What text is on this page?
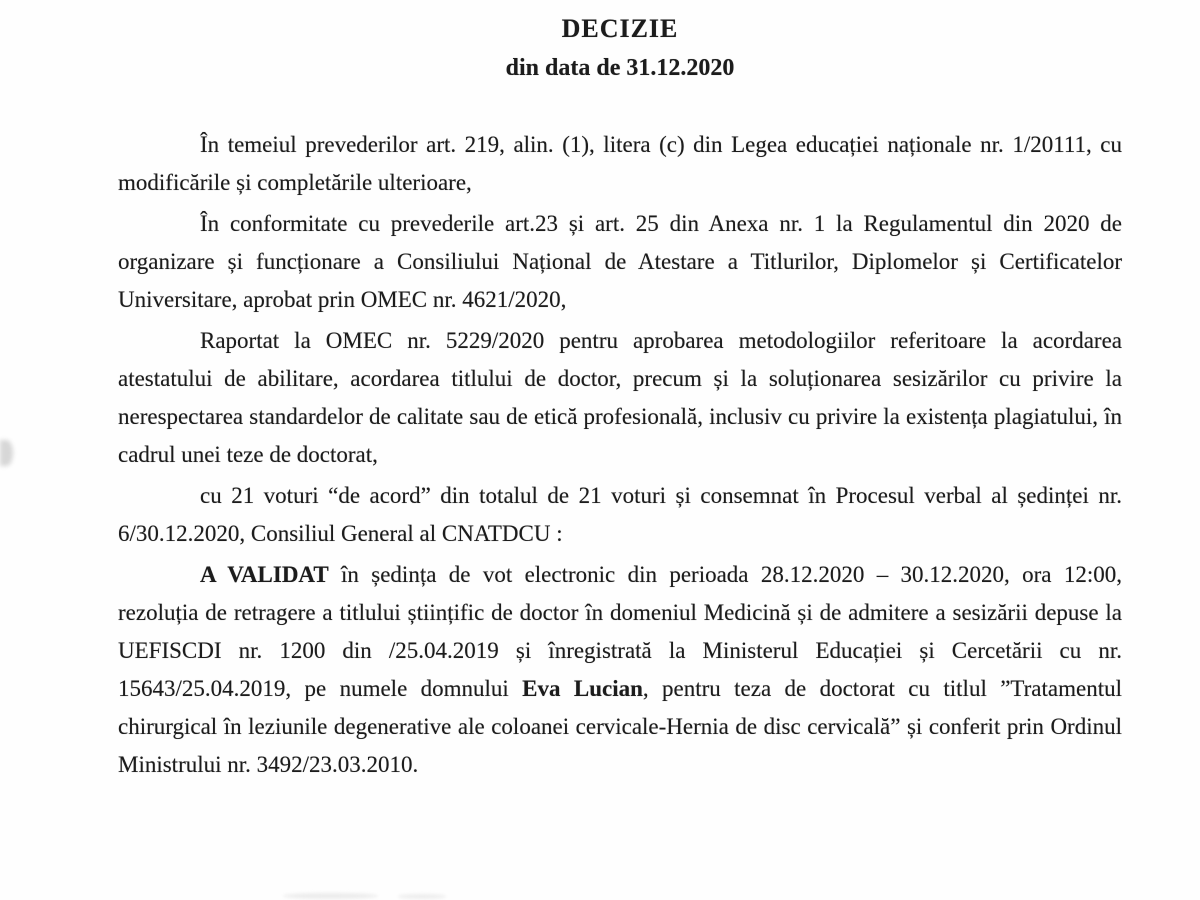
DECIZIE
din data de 31.12.2020

În temeiul prevederilor art. 219, alin. (1), litera (c) din Legea educației naționale nr. 1/20111, cu modificările și completările ulterioare,

În conformitate cu prevederile art.23 și art. 25 din Anexa nr. 1 la Regulamentul din 2020 de organizare și funcționare a Consiliului Național de Atestare a Titlurilor, Diplomelor și Certificatelor Universitare, aprobat prin OMEC nr. 4621/2020,

Raportat la OMEC nr. 5229/2020 pentru aprobarea metodologiilor referitoare la acordarea atestatului de abilitare, acordarea titlului de doctor, precum și la soluționarea sesizărilor cu privire la nerespectarea standardelor de calitate sau de etică profesională, inclusiv cu privire la existența plagiatului, în cadrul unei teze de doctorat,

cu 21 voturi “de acord” din totalul de 21 voturi și consemnat în Procesul verbal al ședinței nr. 6/30.12.2020, Consiliul General al CNATDCU :

A VALIDAT în ședința de vot electronic din perioada 28.12.2020 – 30.12.2020, ora 12:00, rezoluția de retragere a titlului științific de doctor în domeniul Medicină și de admitere a sesizării depuse la UEFISCDI nr. 1200 din /25.04.2019 și înregistrată la Ministerul Educației și Cercetării cu nr. 15643/25.04.2019, pe numele domnului Eva Lucian, pentru teza de doctorat cu titlul ”Tratamentul chirurgical în leziunile degenerative ale coloanei cervicale-Hernia de disc cervicală” și conferit prin Ordinul Ministrului nr. 3492/23.03.2010.
